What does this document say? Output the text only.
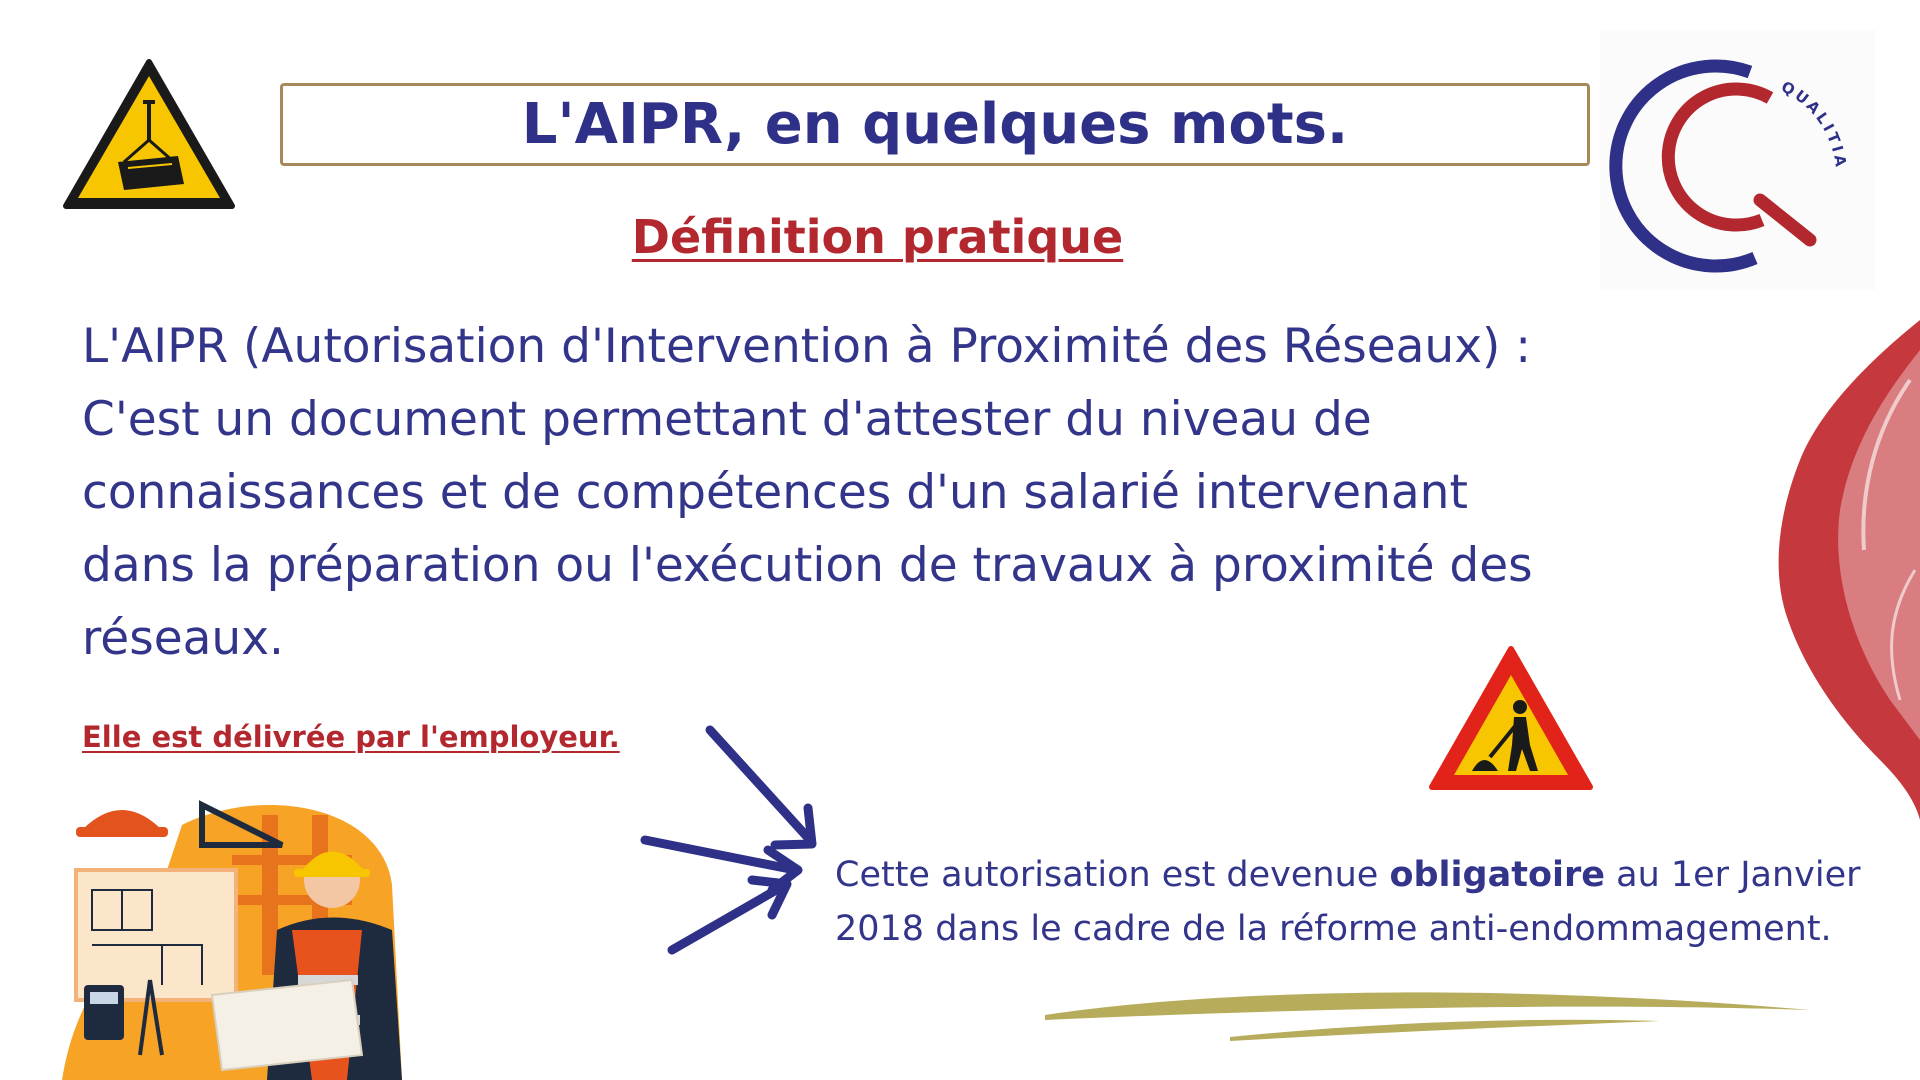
L'AIPR, en quelques mots.
QUALITIA
Définition pratique
L'AIPR (Autorisation d'Intervention à Proximité des Réseaux) :
C'est un document permettant d'attester du niveau de
connaissances et de compétences d'un salarié intervenant
dans la préparation ou l'exécution de travaux à proximité des
réseaux.
Elle est délivrée par l'employeur.
Cette autorisation est devenue obligatoire au 1er Janvier 2018 dans le cadre de la réforme anti-endommagement.
